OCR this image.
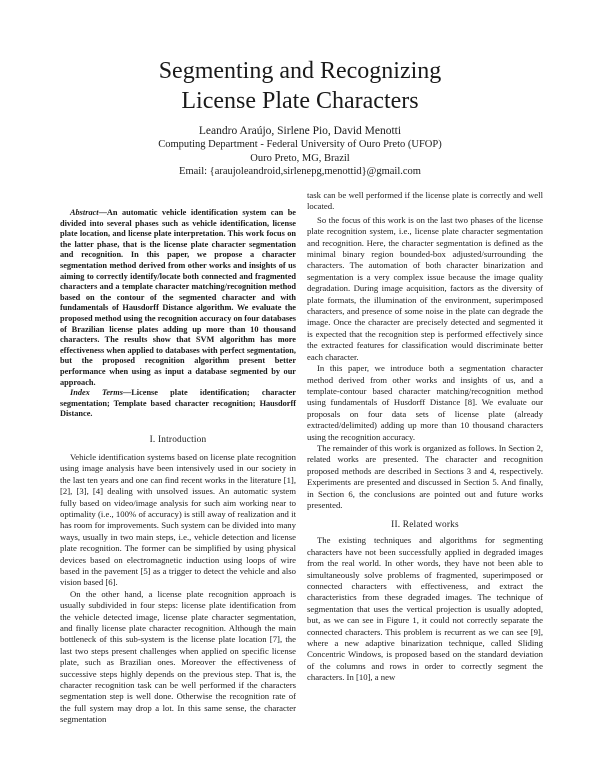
Segmenting and Recognizing
License Plate Characters
Leandro Araújo, Sirlene Pio, David Menotti
Computing Department - Federal University of Ouro Preto (UFOP)
Ouro Preto, MG, Brazil
Email: {araujoleandroid,sirlenepg,menottid}@gmail.com

Abstract—An automatic vehicle identification system can be divided into several phases such as vehicle identification, license plate location, and license plate interpretation. This work focus on the latter phase, that is the license plate character segmentation and recognition. In this paper, we propose a character segmentation method derived from other works and insights of us aiming to correctly identify/locate both connected and fragmented characters and a template character matching/recognition method based on the contour of the segmented character and with fundamentals of Hausdorff Distance algorithm. We evaluate the proposed method using the recognition accuracy on four databases of Brazilian license plates adding up more than 10 thousand characters. The results show that SVM algorithm has more effectiveness when applied to databases with perfect segmentation, but the proposed recognition algorithm present better performance when using as input a database segmented by our approach.

Index Terms—License plate identification; character segmentation; Template based character recognition; Hausdorff Distance.

I. Introduction

Vehicle identification systems based on license plate recognition using image analysis have been intensively used in our society in the last ten years and one can find recent works in the literature [1], [2], [3], [4] dealing with unsolved issues. An automatic system fully based on video/image analysis for such aim working near to optimality (i.e., 100% of accuracy) is still away of realization and it has room for improvements. Such system can be divided into many ways, usually in two main steps, i.e., vehicle detection and license plate recognition. The former can be simplified by using physical devices based on electromagnetic induction using loops of wire based in the pavement [5] as a trigger to detect the vehicle and also vision based [6].

On the other hand, a license plate recognition approach is usually subdivided in four steps: license plate identification from the vehicle detected image, license plate character segmentation, and finally license plate character recognition. Although the main bottleneck of this sub-system is the license plate location [7], the last two steps present challenges when applied on specific license plate, such as Brazilian ones. Moreover the effectiveness of successive steps highly depends on the previous step. That is, the character recognition task can be well performed if the characters segmentation step is well done. Otherwise the recognition rate of the full system may drop a lot. In this same sense, the character segmentation

task can be well performed if the license plate is correctly and well located.

So the focus of this work is on the last two phases of the license plate recognition system, i.e., license plate character segmentation and recognition. Here, the character segmentation is defined as the minimal binary region bounded-box adjusted/surrounding the characters. The automation of both character binarization and segmentation is a very complex issue because the image quality degradation. During image acquisition, factors as the diversity of plate formats, the illumination of the environment, superimposed characters, and presence of some noise in the plate can degrade the image. Once the character are precisely detected and segmented it is expected that the recognition step is performed effectively since the extracted features for classification would discriminate better each character.

In this paper, we introduce both a segmentation character method derived from other works and insights of us, and a template-contour based character matching/recognition method using fundamentals of Husdorff Distance [8]. We evaluate our proposals on four data sets of license plate (already extracted/delimited) adding up more than 10 thousand characters using the recognition accuracy.

The remainder of this work is organized as follows. In Section 2, related works are presented. The character and recognition proposed methods are described in Sections 3 and 4, respectively. Experiments are presented and discussed in Section 5. And finally, in Section 6, the conclusions are pointed out and future works presented.

II. Related works

The existing techniques and algorithms for segmenting characters have not been successfully applied in degraded images from the real world. In other words, they have not been able to simultaneously solve problems of fragmented, superimposed or connected characters with effectiveness, and extract the characteristics from these degraded images. The technique of segmentation that uses the vertical projection is usually adopted, but, as we can see in Figure 1, it could not correctly separate the connected characters. This problem is recurrent as we can see [9], where a new adaptive binarization technique, called Sliding Concentric Windows, is proposed based on the standard deviation of the columns and rows in order to correctly segment the characters. In [10], a new
